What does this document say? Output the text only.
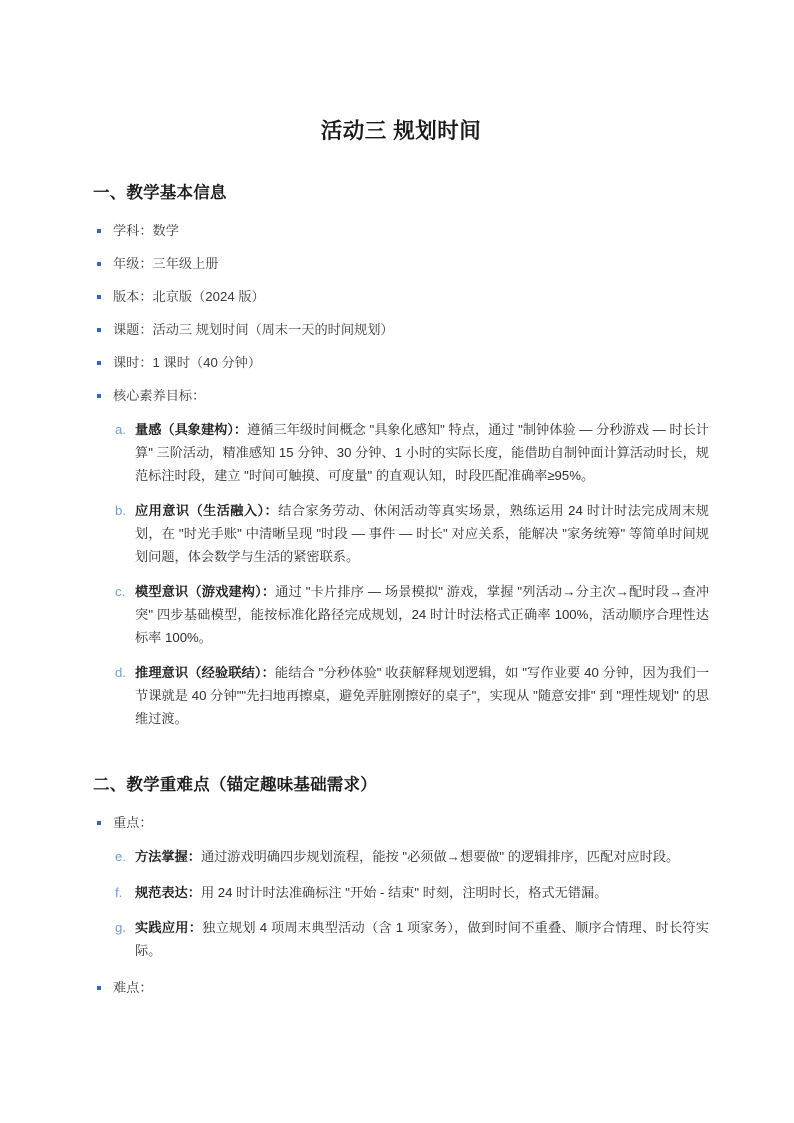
活动三 规划时间
一、教学基本信息
学科：数学
年级：三年级上册
版本：北京版（2024 版）
课题：活动三 规划时间（周末一天的时间规划）
课时：1 课时（40 分钟）
核心素养目标：
a. 量感（具象建构）：遵循三年级时间概念 "具象化感知" 特点，通过 "制钟体验 — 分秒游戏 — 时长计算" 三阶活动，精准感知 15 分钟、30 分钟、1 小时的实际长度，能借助自制钟面计算活动时长，规范标注时段，建立 "时间可触摸、可度量" 的直观认知，时段匹配准确率≥95%。
b. 应用意识（生活融入）：结合家务劳动、休闲活动等真实场景，熟练运用 24 时计时法完成周末规划，在 "时光手账" 中清晰呈现 "时段 — 事件 — 时长" 对应关系，能解决 "家务统筹" 等简单时间规划问题，体会数学与生活的紧密联系。
c. 模型意识（游戏建构）：通过 "卡片排序 — 场景模拟" 游戏，掌握 "列活动→分主次→配时段→查冲突" 四步基础模型，能按标准化路径完成规划，24 时计时法格式正确率 100%，活动顺序合理性达标率 100%。
d. 推理意识（经验联结）：能结合 "分秒体验" 收获解释规划逻辑，如 "写作业要 40 分钟，因为我们一节课就是 40 分钟""先扫地再擦桌，避免弄脏刚擦好的桌子"，实现从 "随意安排" 到 "理性规划" 的思维过渡。
二、教学重难点（锚定趣味基础需求）
重点：
e. 方法掌握：通过游戏明确四步规划流程，能按 "必须做→想要做" 的逻辑排序，匹配对应时段。
f. 规范表达：用 24 时计时法准确标注 "开始 - 结束" 时刻，注明时长，格式无错漏。
g. 实践应用：独立规划 4 项周末典型活动（含 1 项家务），做到时间不重叠、顺序合情理、时长符实际。
难点：
